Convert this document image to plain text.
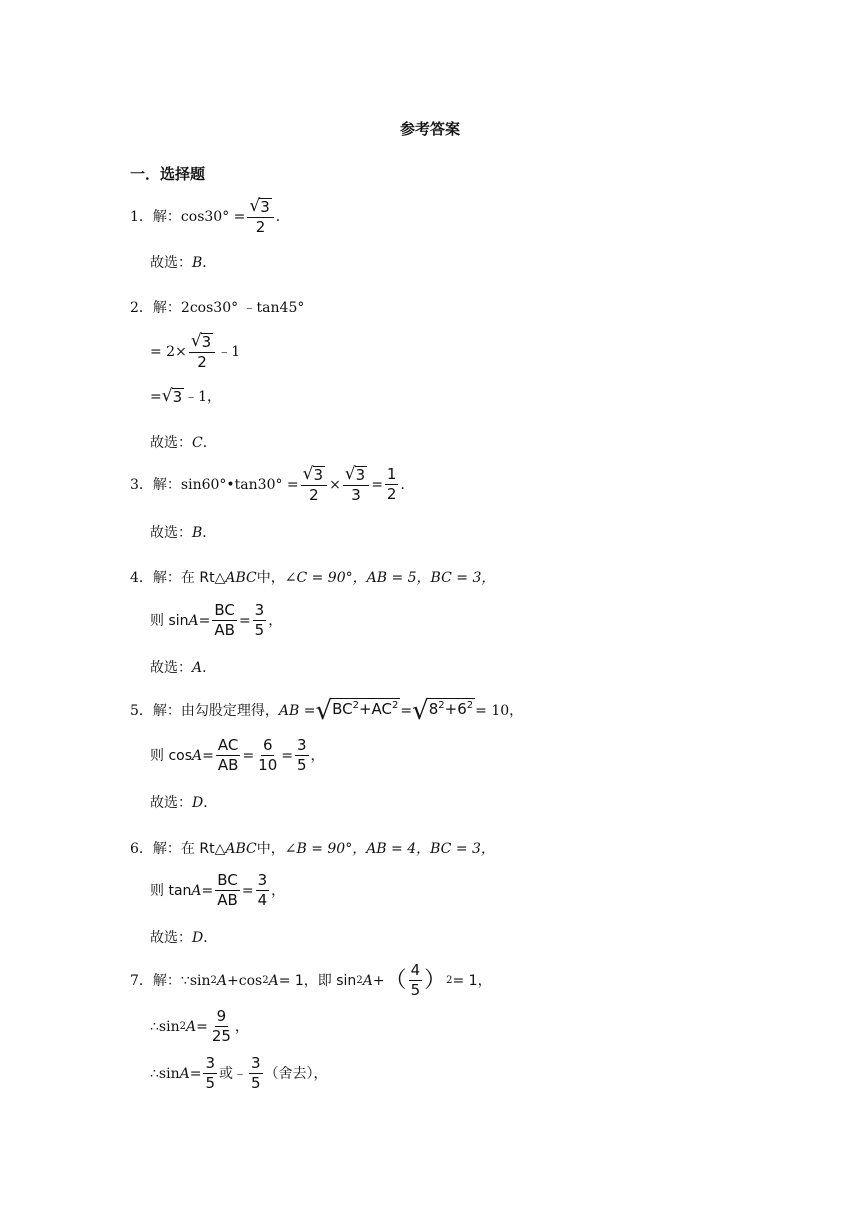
参考答案
一．选择题
1． 解： $\cos 30^\circ = \frac{√ 3}{2}$ ．
故选： B ．
2． 解： 2cos30° ﹣tan45°
= $2\times \frac{√ 3}{2}$ ﹣1
= √ 3 ﹣1，
故选： C ．
3． 解： sin60°•tan30° = $\frac{√ 3}{2} \times \frac{√ 3}{3} = \frac{1}{2}$ ．
故选： B ．
4． 解： 在 Rt△ ABC 中， ∠C = 90°，AB = 5，BC = 3，
则 $\sin A = \frac{BC}{AB} = \frac{3}{5}$ ，
故选： A ．
5． 解： 由勾股定理得， AB = √ $BC^2+AC^2$ = √ $8^2+6^2 = 10$，
则 $\cos A = \frac{AC}{AB} = \frac{6}{10} = \frac{3}{5}$ ，
故选： D ．
6． 解： 在 Rt△ ABC 中， ∠B = 90°，AB = 4，BC = 3，
则 $\tan A = \frac{BC}{AB} = \frac{3}{4}$ ，
故选： D ．
7． 解： ∵sin 2 A +cos 2 A = 1，即 sin 2 A + （ $\frac{4}{5}$ ） 2 = 1，
∴sin 2 $A = \frac{9}{25}$ ，
∴sin $A = \frac{3}{5}$ 或﹣ $\frac{3}{5}$ （舍去），
